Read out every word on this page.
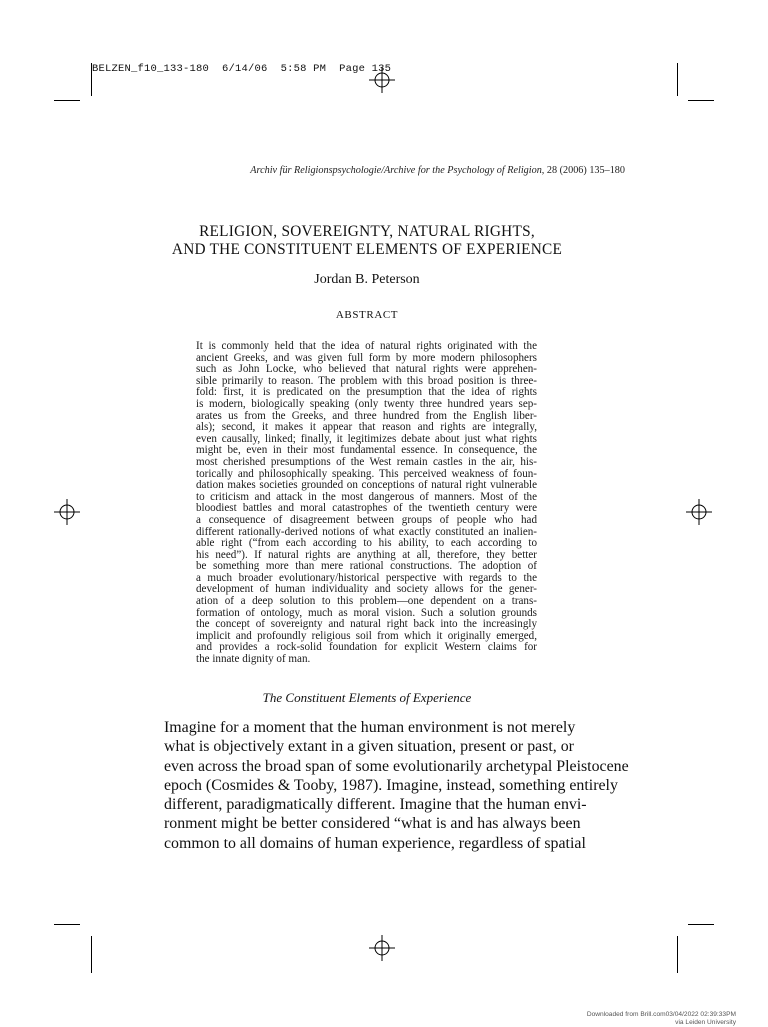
BELZEN_f10_133-180 6/14/06 5:58 PM Page 135
Archiv für Religionspsychologie/Archive for the Psychology of Religion, 28 (2006) 135–180
RELIGION, SOVEREIGNTY, NATURAL RIGHTS,
AND THE CONSTITUENT ELEMENTS OF EXPERIENCE
Jordan B. Peterson
ABSTRACT
It is commonly held that the idea of natural rights originated with the
ancient Greeks, and was given full form by more modern philosophers
such as John Locke, who believed that natural rights were apprehen-
sible primarily to reason. The problem with this broad position is three-
fold: first, it is predicated on the presumption that the idea of rights
is modern, biologically speaking (only twenty three hundred years sep-
arates us from the Greeks, and three hundred from the English liber-
als); second, it makes it appear that reason and rights are integrally,
even causally, linked; finally, it legitimizes debate about just what rights
might be, even in their most fundamental essence. In consequence, the
most cherished presumptions of the West remain castles in the air, his-
torically and philosophically speaking. This perceived weakness of foun-
dation makes societies grounded on conceptions of natural right vulnerable
to criticism and attack in the most dangerous of manners. Most of the
bloodiest battles and moral catastrophes of the twentieth century were
a consequence of disagreement between groups of people who had
different rationally-derived notions of what exactly constituted an inalien-
able right (“from each according to his ability, to each according to
his need”). If natural rights are anything at all, therefore, they better
be something more than mere rational constructions. The adoption of
a much broader evolutionary/historical perspective with regards to the
development of human individuality and society allows for the gener-
ation of a deep solution to this problem—one dependent on a trans-
formation of ontology, much as moral vision. Such a solution grounds
the concept of sovereignty and natural right back into the increasingly
implicit and profoundly religious soil from which it originally emerged,
and provides a rock-solid foundation for explicit Western claims for
the innate dignity of man.
The Constituent Elements of Experience
Imagine for a moment that the human environment is not merely
what is objectively extant in a given situation, present or past, or
even across the broad span of some evolutionarily archetypal Pleistocene
epoch (Cosmides & Tooby, 1987). Imagine, instead, something entirely
different, paradigmatically different. Imagine that the human envi-
ronment might be better considered “what is and has always been
common to all domains of human experience, regardless of spatial
Downloaded from Brill.com03/04/2022 02:39:33PM
via Leiden University
